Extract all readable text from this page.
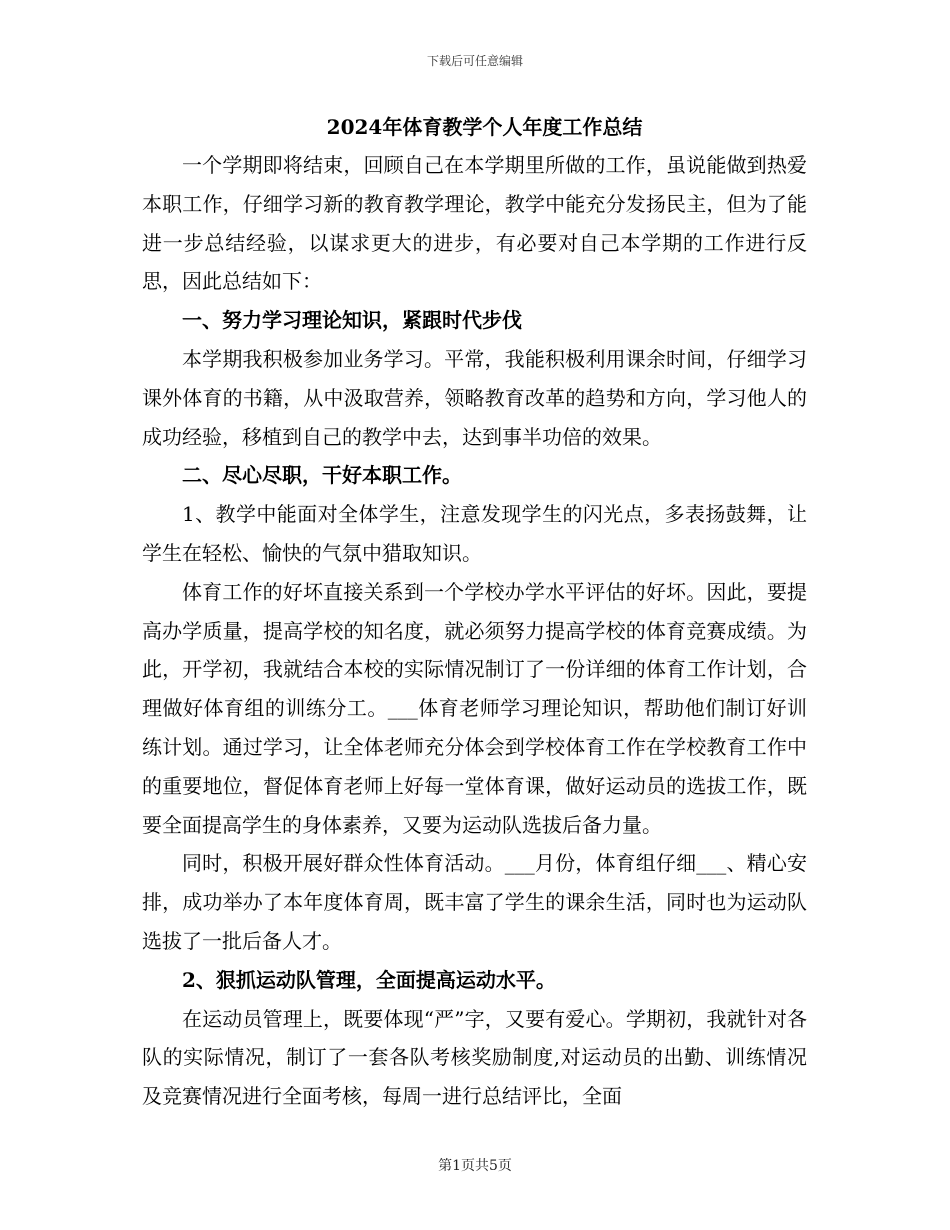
下载后可任意编辑
2024年体育教学个人年度工作总结

一个学期即将结束，回顾自己在本学期里所做的工作，虽说能做到热爱本职工作，仔细学习新的教育教学理论，教学中能充分发扬民主，但为了能进一步总结经验，以谋求更大的进步，有必要对自己本学期的工作进行反思，因此总结如下：

一、努力学习理论知识，紧跟时代步伐

本学期我积极参加业务学习。平常，我能积极利用课余时间，仔细学习课外体育的书籍，从中汲取营养，领略教育改革的趋势和方向，学习他人的成功经验，移植到自己的教学中去，达到事半功倍的效果。

二、尽心尽职，干好本职工作。

1、教学中能面对全体学生，注意发现学生的闪光点，多表扬鼓舞，让学生在轻松、愉快的气氛中猎取知识。

体育工作的好坏直接关系到一个学校办学水平评估的好坏。因此，要提高办学质量，提高学校的知名度，就必须努力提高学校的体育竞赛成绩。为此，开学初，我就结合本校的实际情况制订了一份详细的体育工作计划，合理做好体育组的训练分工。___体育老师学习理论知识，帮助他们制订好训练计划。通过学习，让全体老师充分体会到学校体育工作在学校教育工作中的重要地位，督促体育老师上好每一堂体育课，做好运动员的选拔工作，既要全面提高学生的身体素养，又要为运动队选拔后备力量。

同时，积极开展好群众性体育活动。___月份，体育组仔细___、精心安排，成功举办了本年度体育周，既丰富了学生的课余生活，同时也为运动队选拔了一批后备人才。

2、狠抓运动队管理，全面提高运动水平。

在运动员管理上，既要体现“严”字，又要有爱心。学期初，我就针对各队的实际情况，制订了一套各队考核奖励制度,对运动员的出勤、训练情况及竞赛情况进行全面考核，每周一进行总结评比，全面

第1页共5页
